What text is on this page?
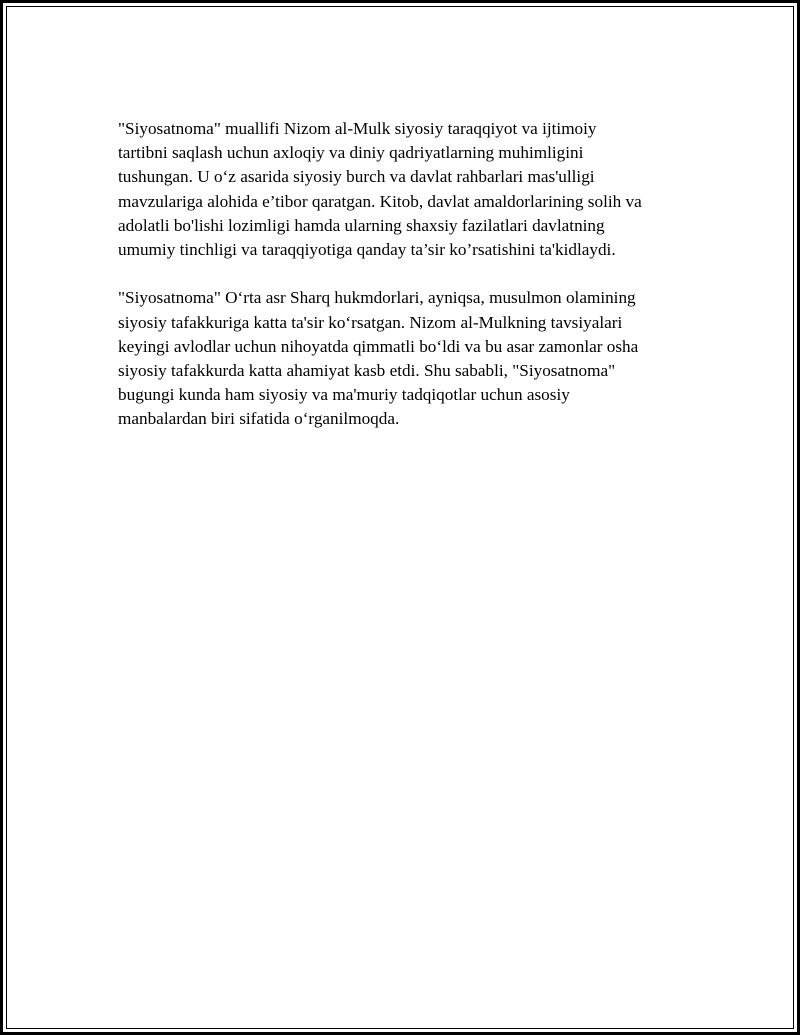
"Siyosatnoma" muallifi Nizom al-Mulk siyosiy taraqqiyot va ijtimoiy
tartibni saqlash uchun axloqiy va diniy qadriyatlarning muhimligini
tushungan. U o‘z asarida siyosiy burch va davlat rahbarlari mas'ulligi
mavzulariga alohida e’tibor qaratgan. Kitob, davlat amaldorlarining solih va
adolatli bo'lishi lozimligi hamda ularning shaxsiy fazilatlari davlatning
umumiy tinchligi va taraqqiyotiga qanday ta’sir ko’rsatishini ta'kidlaydi.

"Siyosatnoma" O‘rta asr Sharq hukmdorlari, ayniqsa, musulmon olamining
siyosiy tafakkuriga katta ta'sir ko‘rsatgan. Nizom al-Mulkning tavsiyalari
keyingi avlodlar uchun nihoyatda qimmatli bo‘ldi va bu asar zamonlar osha
siyosiy tafakkurda katta ahamiyat kasb etdi. Shu sababli, "Siyosatnoma"
bugungi kunda ham siyosiy va ma'muriy tadqiqotlar uchun asosiy
manbalardan biri sifatida o‘rganilmoqda.
